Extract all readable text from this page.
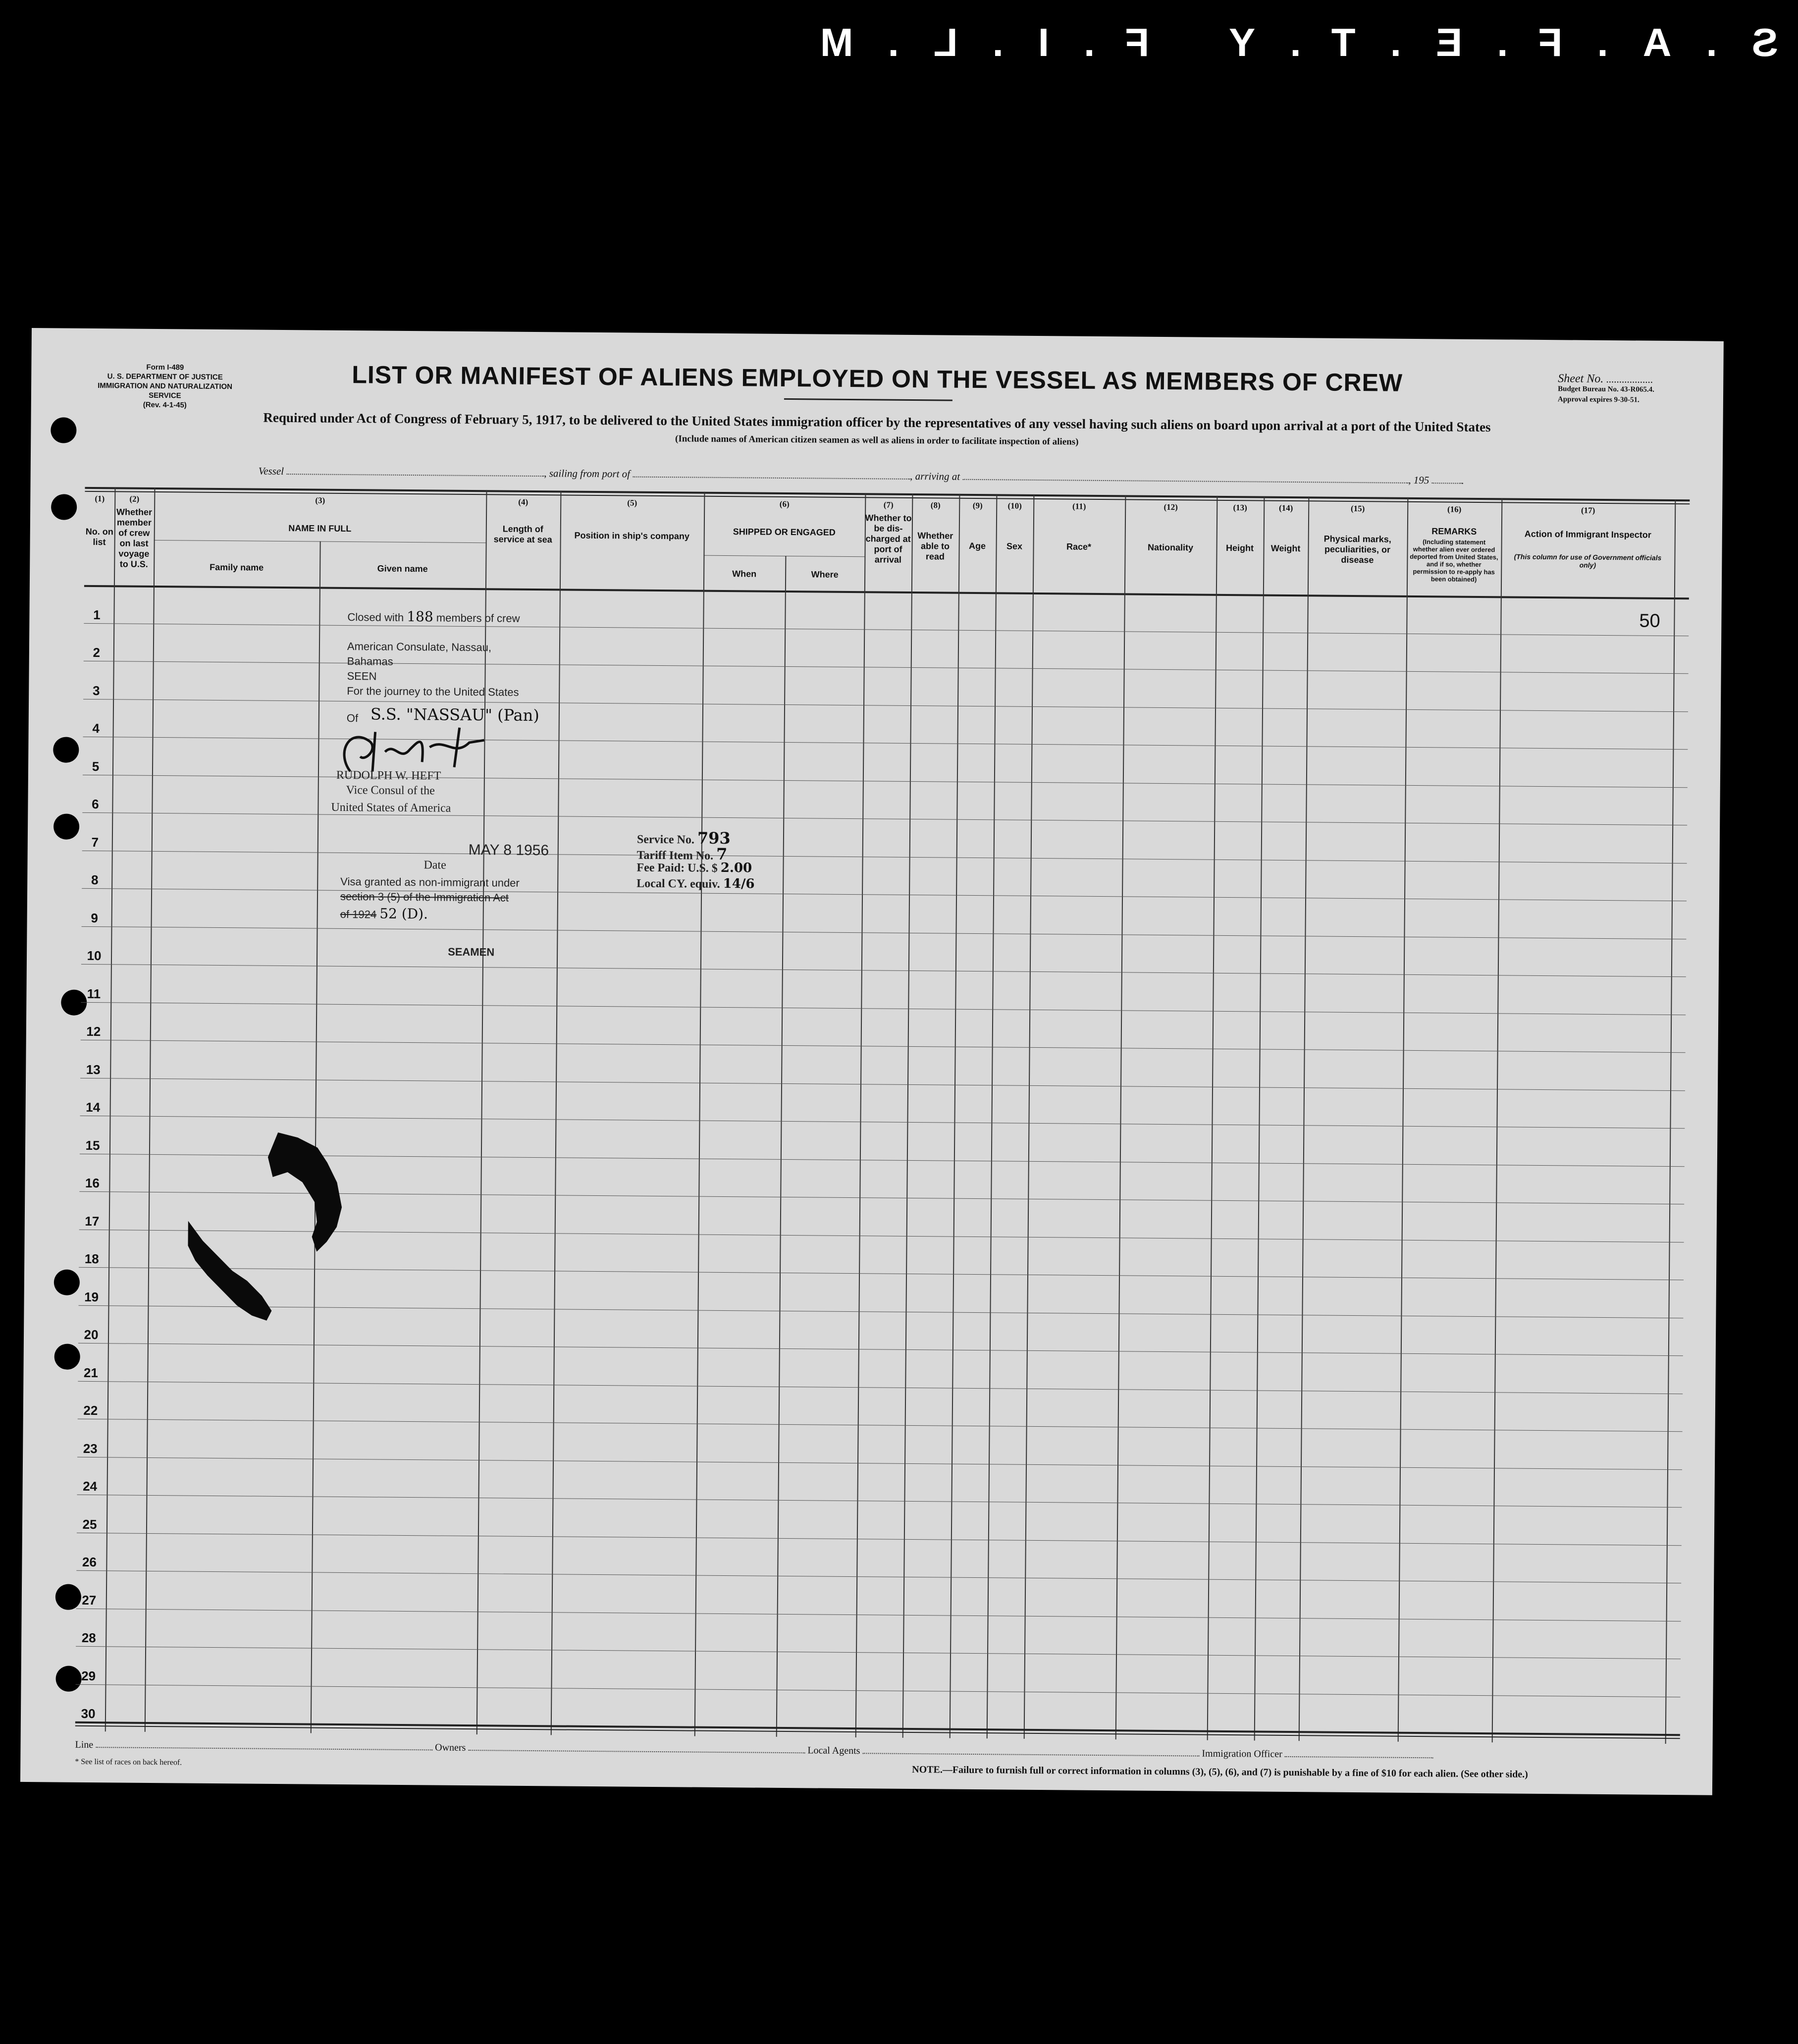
S.A.F.E.T.Y F.I.L.M
Form I-489
U. S. DEPARTMENT OF JUSTICE
IMMIGRATION AND NATURALIZATION SERVICE
(Rev. 4-1-45)
LIST OR MANIFEST OF ALIENS EMPLOYED ON THE VESSEL AS MEMBERS OF CREW
Required under Act of Congress of February 5, 1917, to be delivered to the United States immigration officer by the representatives of any vessel having such aliens on board upon arrival at a port of the United States
(Include names of American citizen seamen as well as aliens in order to facilitate inspection of aliens)
Sheet No. ..................
Budget Bureau No. 43-R065.4.
Approval expires 9-30-51.
Vessel	, sailing from port of	, arriving at	, 195	.
(1)
No. on list
(2)
Whether member of crew on last voyage to U.S.
(3)
NAME IN FULL
Family name	Given name
(4)
Length of service at sea
(5)
Position in ship's company
(6)
SHIPPED OR ENGAGED
When	Where
(7)
Whether to be dis-charged at port of arrival
(8)
Whether able to read
(9)
Age
(10)
Sex
(11)
Race*
(12)
Nationality
(13)
Height
(14)
Weight
(15)
Physical marks, peculiarities, or disease
(16)
REMARKS
(Including statement whether alien ever ordered deported from United States, and if so, whether permission to re-apply has been obtained)
(17)
Action of Immigrant Inspector
(This column for use of Government officials only)
1
2
3
4
5
6
7
8
9
10
11
12
13
14
15
16
17
18
19
20
21
22
23
24
25
26
27
28
29
30
Closed with 188 members of crew
American Consulate, Nassau,
Bahamas
SEEN
For the journey to the United States
Of S.S. "NASSAU" (Pan)
RUDOLPH W. HEFT
Vice Consul of the
United States of America
MAY 8 1956
Date
Visa granted as non-immigrant under
section 3 (5) of the Immigration Act
of 1924 52 (D).
SEAMEN
Service No. 793
Tariff Item No. 7
Fee Paid: U.S. $ 2.00
Local CY. equiv. 14/6
50
Line	Owners	Local Agents	Immigration Officer
* See list of races on back hereof.
NOTE.—Failure to furnish full or correct information in columns (3), (5), (6), and (7) is punishable by a fine of $10 for each alien. (See other side.)
